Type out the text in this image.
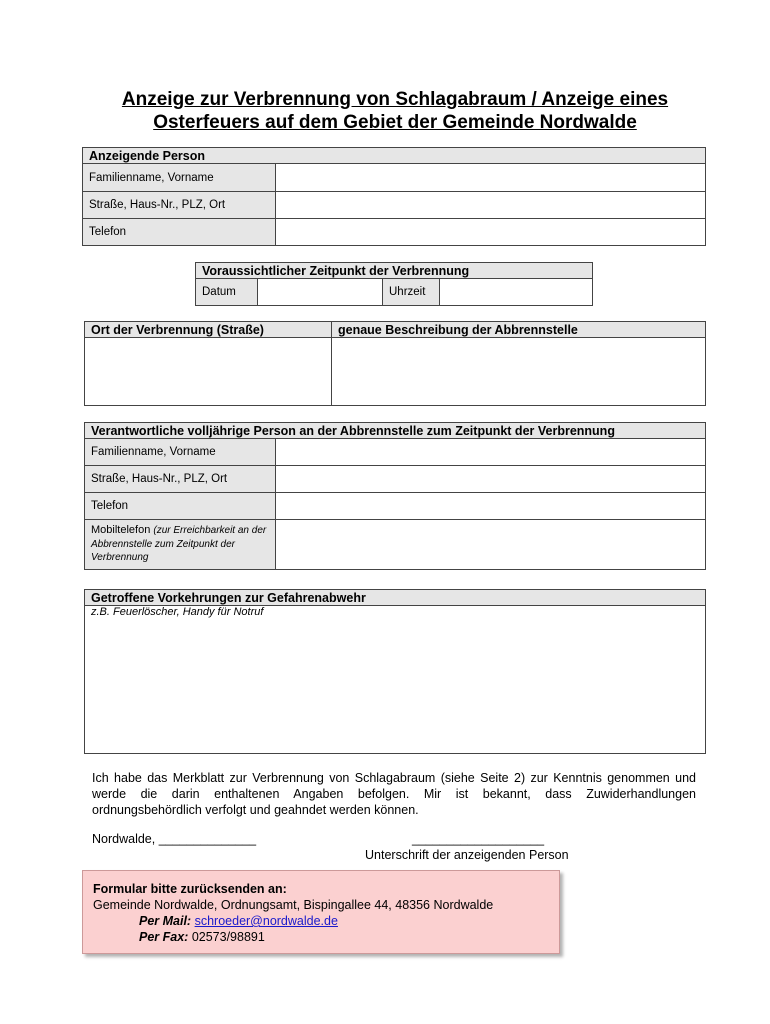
Anzeige zur Verbrennung von Schlagabraum / Anzeige eines
Osterfeuers auf dem Gebiet der Gemeinde Nordwalde
Anzeigende Person	
Familienname, Vorname	
Straße, Haus-Nr., PLZ, Ort	
Telefon	
Voraussichtlicher Zeitpunkt der Verbrennung
Datum		Uhrzeit	
Ort der Verbrennung (Straße)	genaue Beschreibung der Abbrennstelle

Verantwortliche volljährige Person an der Abbrennstelle zum Zeitpunkt der Verbrennung	
Familienname, Vorname	
Straße, Haus-Nr., PLZ, Ort	
Telefon	
Mobiltelefon (zur Erreichbarkeit an der Abbrennstelle zum Zeitpunkt der Verbrennung	
Getroffene Vorkehrungen zur Gefahrenabwehr
z.B. Feuerlöscher, Handy für Notruf
Ich habe das Merkblatt zur Verbrennung von Schlagabraum (siehe Seite 2) zur Kenntnis genommen und werde die darin enthaltenen Angaben befolgen. Mir ist bekannt, dass Zuwiderhandlungen ordnungsbehördlich verfolgt und geahndet werden können.
Nordwalde, ______________	___________________
Unterschrift der anzeigenden Person
Formular bitte zurücksenden an:
Gemeinde Nordwalde, Ordnungsamt, Bispingallee 44, 48356 Nordwalde
Per Mail: schroeder@nordwalde.de
Per Fax: 02573/98891
